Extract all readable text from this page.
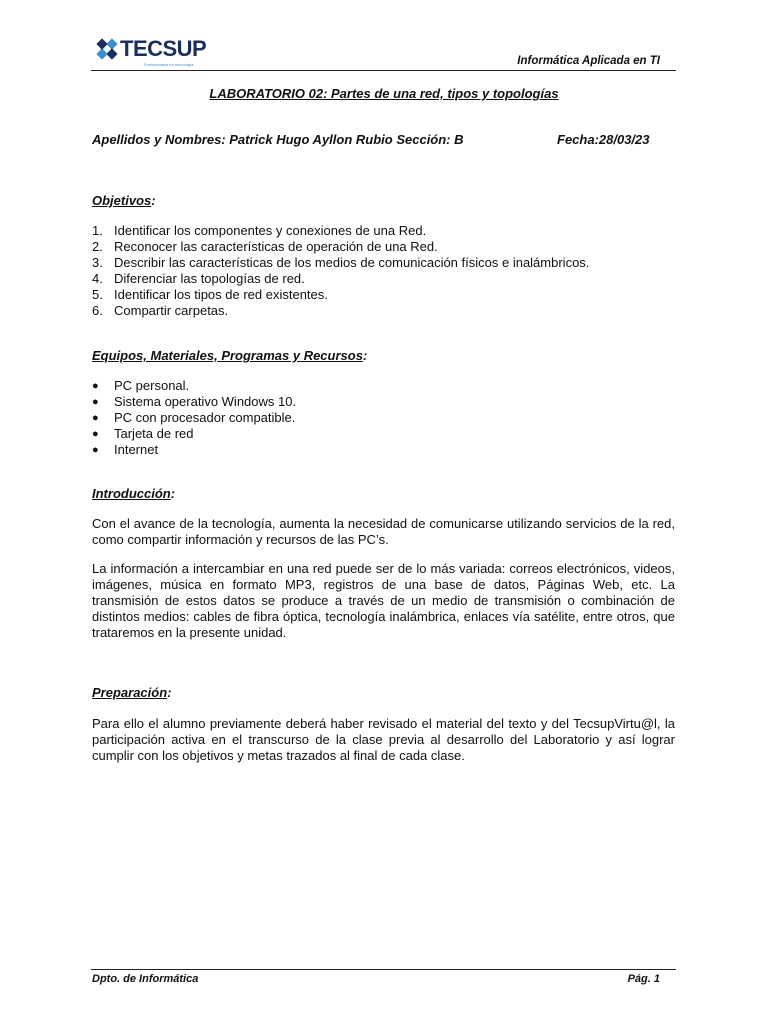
TECSUP
Profesionales en tecnología	Informática Aplicada en TI
LABORATORIO 02: Partes de una red, tipos y topologías
Apellidos y Nombres: Patrick Hugo Ayllon Rubio Sección: B	Fecha:28/03/23
Objetivos:
1. Identificar los componentes y conexiones de una Red.
2. Reconocer las características de operación de una Red.
3. Describir las características de los medios de comunicación físicos e inalámbricos.
4. Diferenciar las topologías de red.
5. Identificar los tipos de red existentes.
6. Compartir carpetas.
Equipos, Materiales, Programas y Recursos:
●	PC personal.
●	Sistema operativo Windows 10.
●	PC con procesador compatible.
●	Tarjeta de red
●	Internet
Introducción:

Con el avance de la tecnología, aumenta la necesidad de comunicarse utilizando servicios de la red, como compartir información y recursos de las PC’s.

La información a intercambiar en una red puede ser de lo más variada: correos electrónicos, videos, imágenes, música en formato MP3, registros de una base de datos, Páginas Web, etc. La transmisión de estos datos se produce a través de un medio de transmisión o combinación de distintos medios: cables de fibra óptica, tecnología inalámbrica, enlaces vía satélite, entre otros, que trataremos en la presente unidad.

Preparación:

Para ello el alumno previamente deberá haber revisado el material del texto y del TecsupVirtu@l, la participación activa en el transcurso de la clase previa al desarrollo del Laboratorio y así lograr cumplir con los objetivos y metas trazados al final de cada clase.

Dpto. de Informática	Pág. 1
